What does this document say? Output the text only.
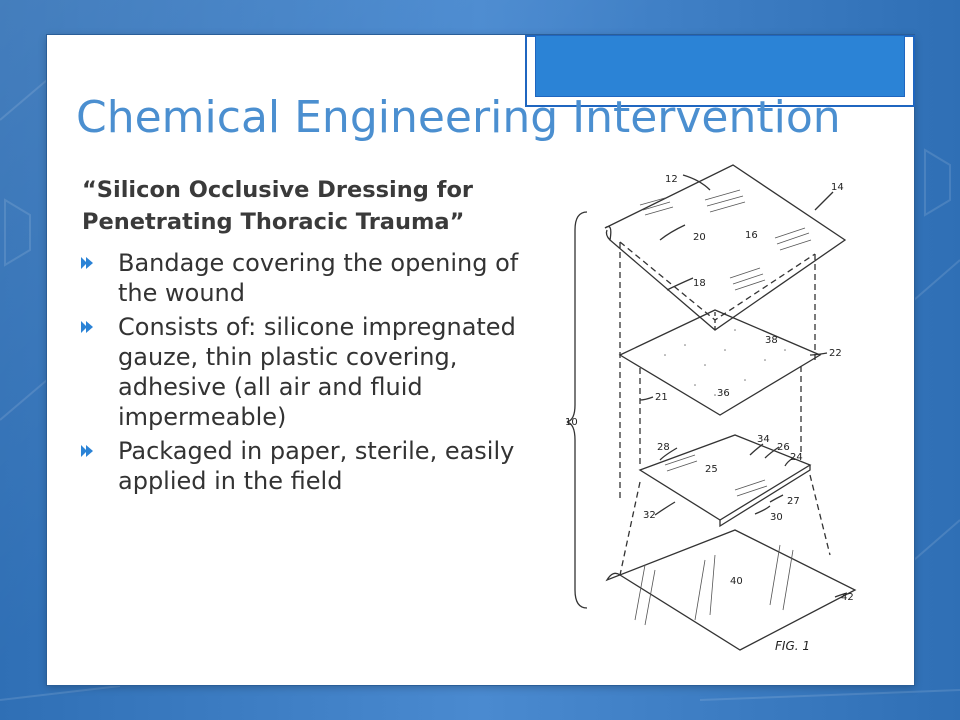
Chemical Engineering Intervention

“Silicon Occlusive Dressing for Penetrating Thoracic Trauma”

Bandage covering the opening of the wound
Consists of: silicone impregnated gauze, thin plastic covering, adhesive (all air and fluid impermeable)
Packaged in paper, sterile, easily applied in the field
12
14
20	16
18
38
22
21	36
10
34
26
28
24
25
27
32	30
40
42
FIG. 1
